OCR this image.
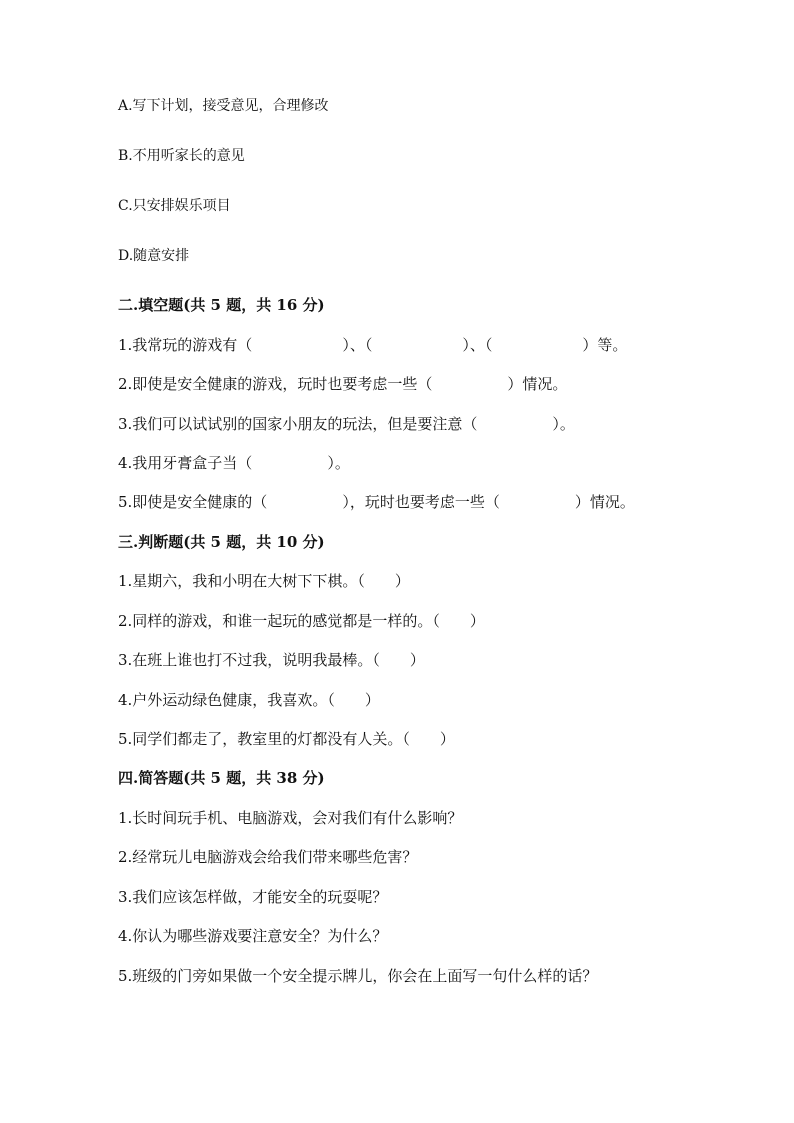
A.写下计划，接受意见，合理修改
B.不用听家长的意见
C.只安排娱乐项目
D.随意安排
二.填空题(共 5 题，共 16 分)
1.我常玩的游戏有（　　　　　　）、（　　　　　　）、（　　　　　　）等。
2.即使是安全健康的游戏，玩时也要考虑一些（　　　　　）情况。
3.我们可以试试别的国家小朋友的玩法，但是要注意（　　　　　）。
4.我用牙膏盒子当（　　　　　）。
5.即使是安全健康的（　　　　　），玩时也要考虑一些（　　　　　）情况。
三.判断题(共 5 题，共 10 分)
1.星期六，我和小明在大树下下棋。（　　）
2.同样的游戏，和谁一起玩的感觉都是一样的。（　　）
3.在班上谁也打不过我，说明我最棒。（　　）
4.户外运动绿色健康，我喜欢。（　　）
5.同学们都走了，教室里的灯都没有人关。（　　）
四.简答题(共 5 题，共 38 分)
1.长时间玩手机、电脑游戏，会对我们有什么影响？
2.经常玩儿电脑游戏会给我们带来哪些危害？
3.我们应该怎样做，才能安全的玩耍呢？
4.你认为哪些游戏要注意安全？为什么？
5.班级的门旁如果做一个安全提示牌儿，你会在上面写一句什么样的话？
